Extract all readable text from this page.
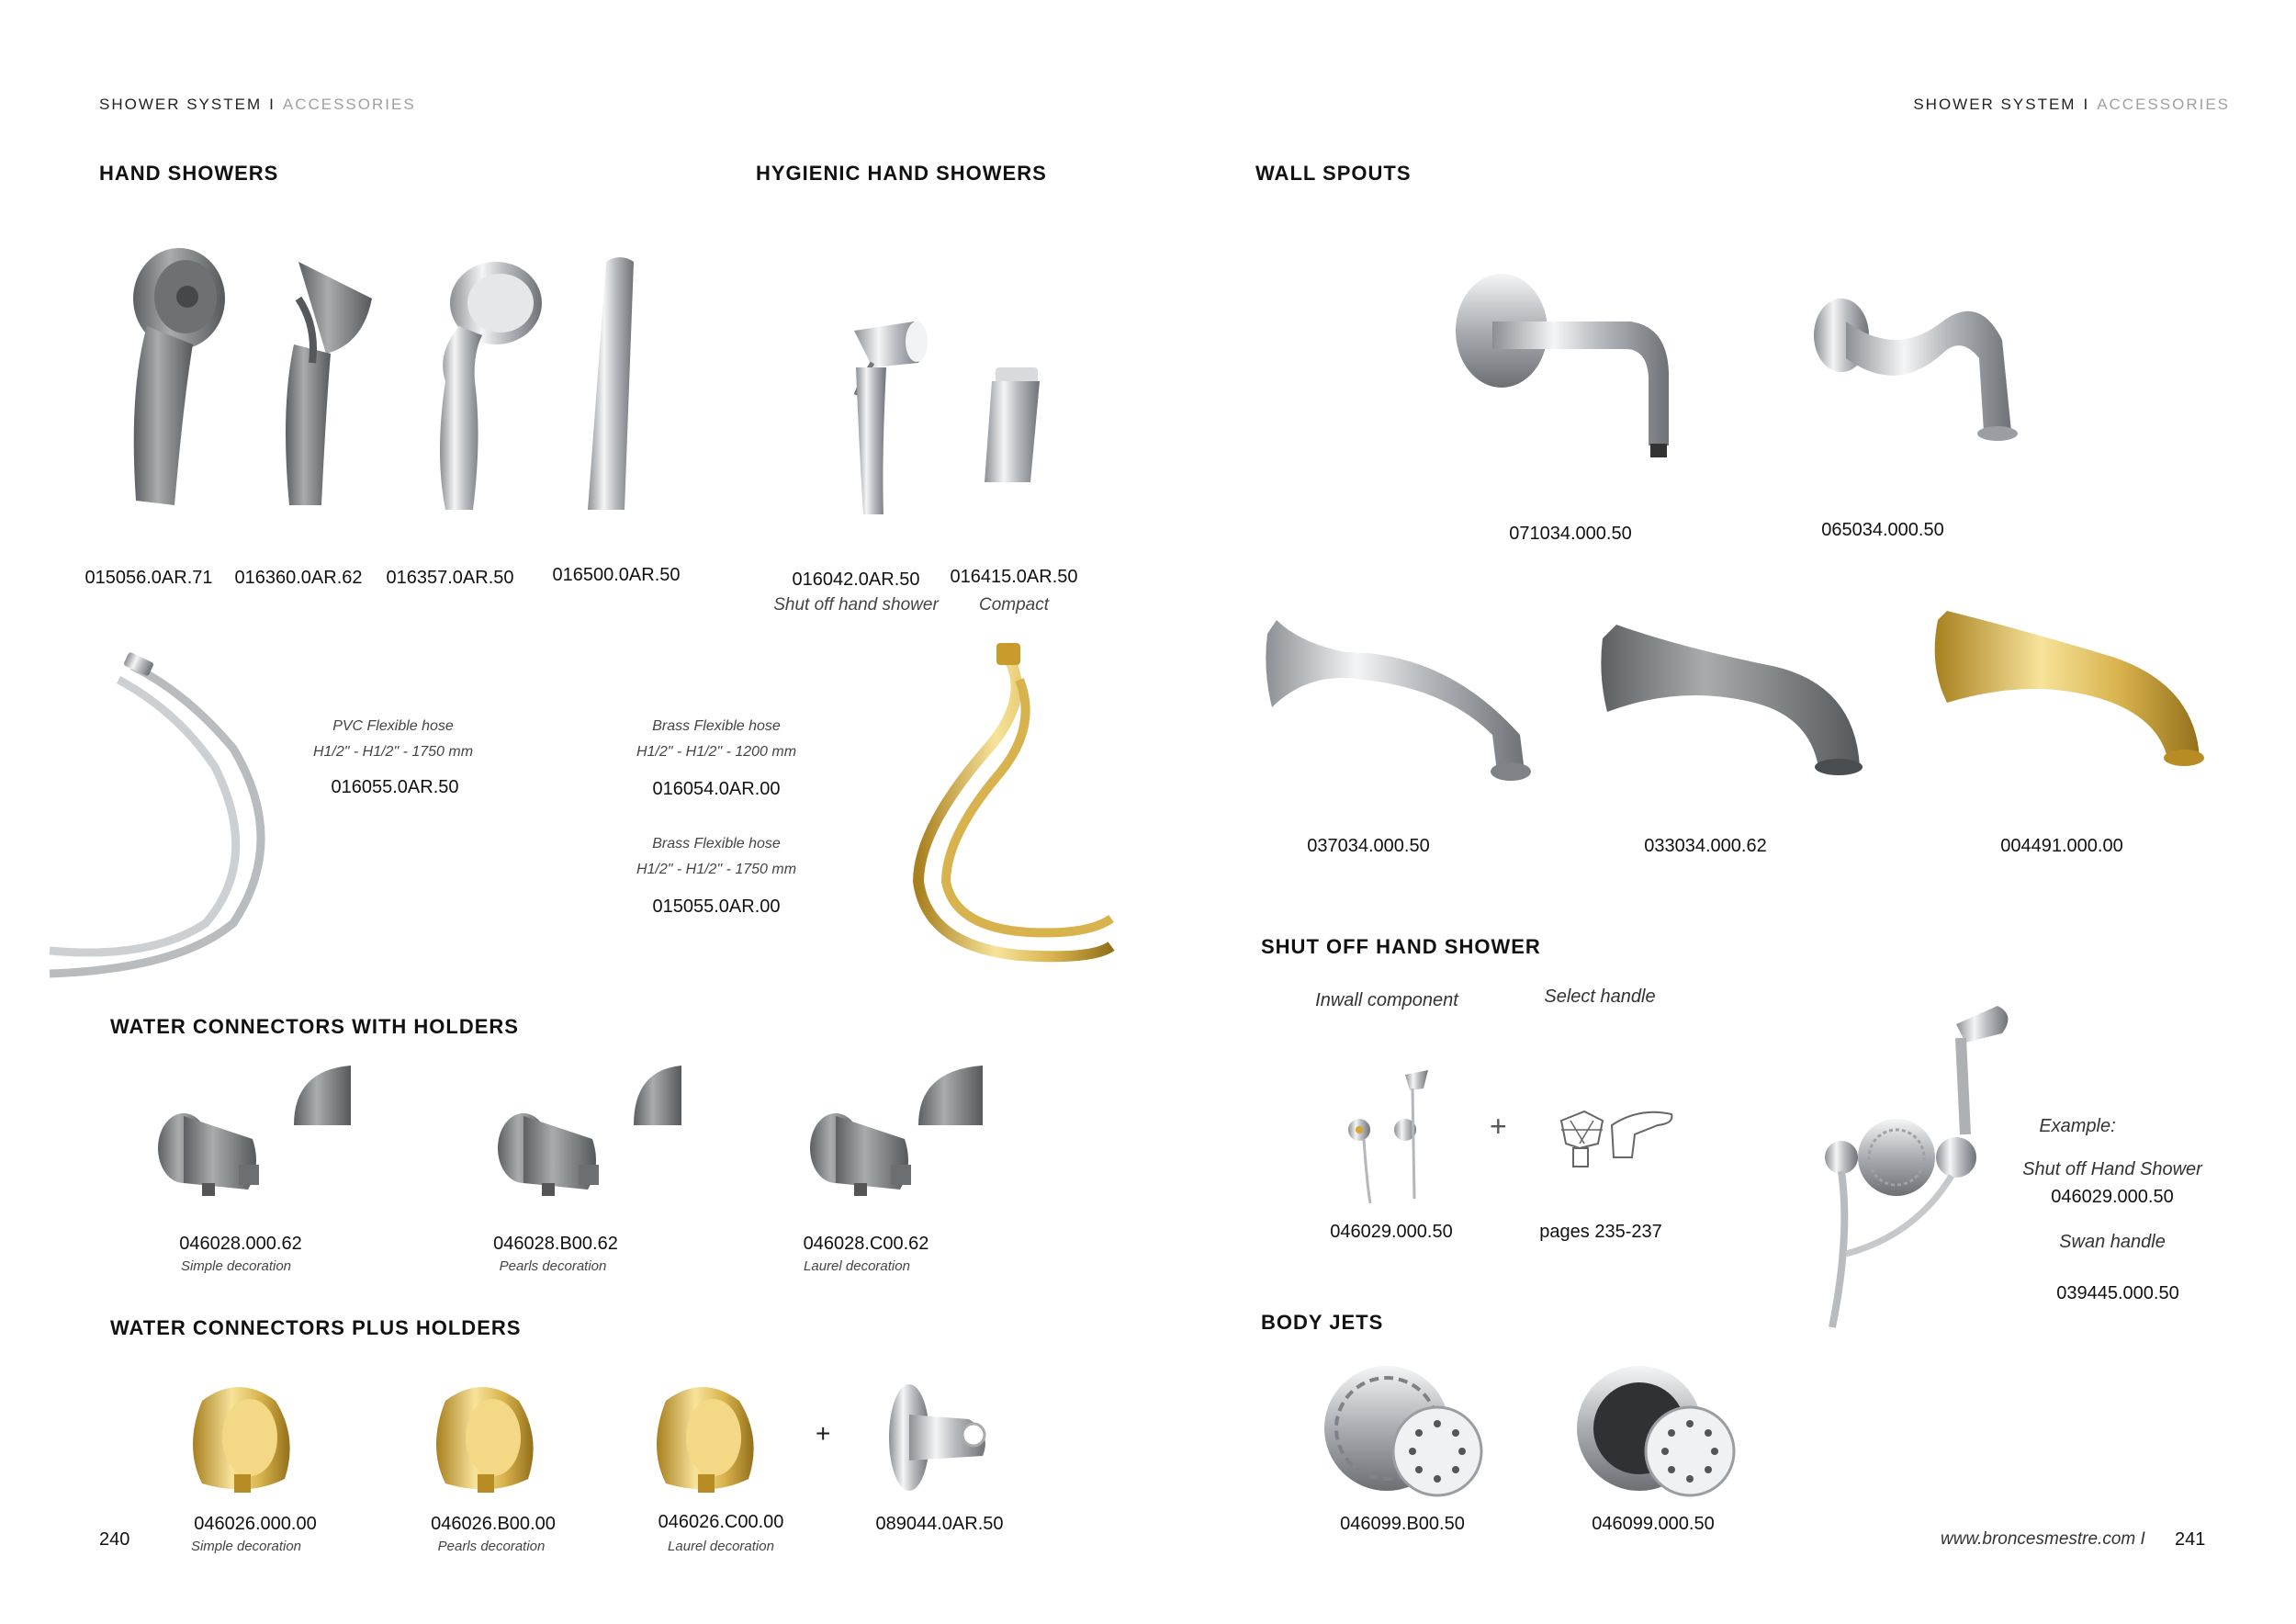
SHOWER SYSTEM I ACCESSORIES	SHOWER SYSTEM I ACCESSORIES
HAND SHOWERS
015056.0AR.71 016360.0AR.62 016357.0AR.50 016500.0AR.50
HYGIENIC HAND SHOWERS
016042.0AR.50
Shut off hand shower
016415.0AR.50
Compact
PVC Flexible hose
H1/2" - H1/2" - 1750 mm
016055.0AR.50
Brass Flexible hose
H1/2" - H1/2" - 1200 mm
016054.0AR.00
Brass Flexible hose
H1/2" - H1/2" - 1750 mm
015055.0AR.00
WATER CONNECTORS WITH HOLDERS
046028.000.62
Simple decoration
046028.B00.62
Pearls decoration
046028.C00.62
Laurel decoration
WATER CONNECTORS PLUS HOLDERS
+
046026.000.00
Simple decoration
046026.B00.00
Pearls decoration
046026.C00.00
Laurel decoration
089044.0AR.50
240
WALL SPOUTS
071034.000.50	065034.000.50
037034.000.50	033034.000.62	004491.000.00
SHUT OFF HAND SHOWER
Inwall component	Select handle
+
046029.000.50	pages 235-237
Example:
Shut off Hand Shower
046029.000.50
Swan handle
039445.000.50
BODY JETS
046099.B00.50	046099.000.50
www.broncesmestre.com I 241
